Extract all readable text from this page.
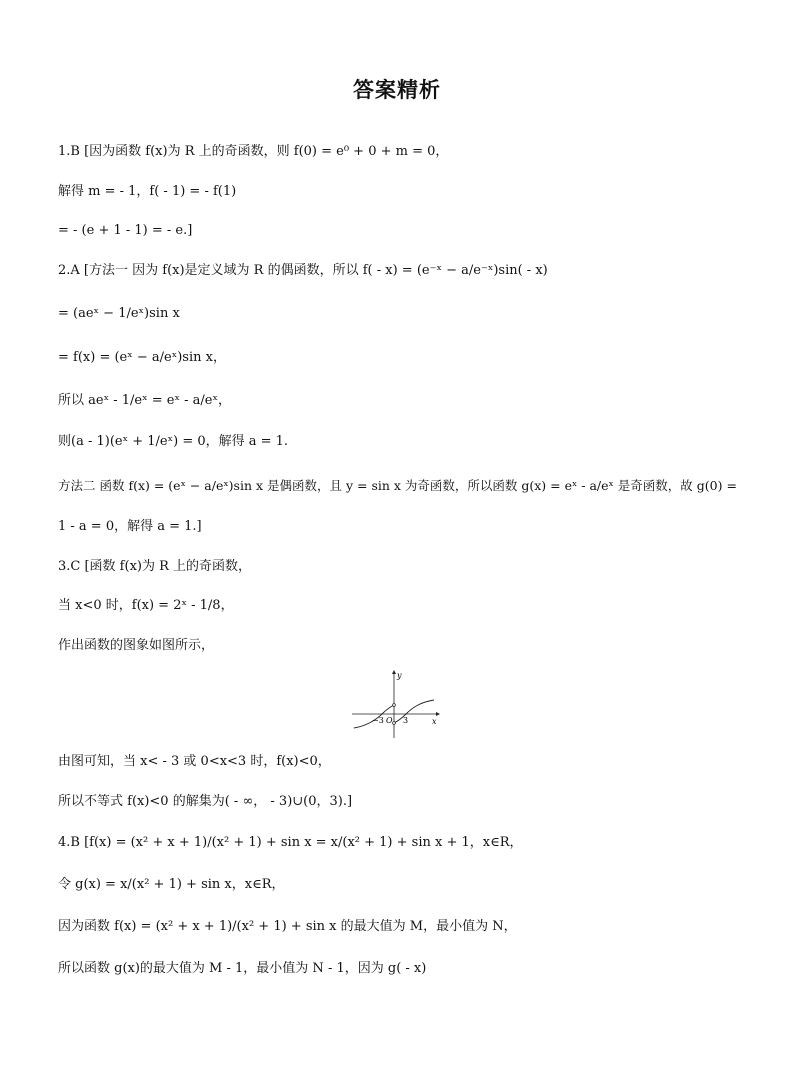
答案精析
1.B [因为函数 f(x)为 R 上的奇函数，则 f(0) = e⁰ + 0 + m = 0，
解得 m = - 1，f( - 1) = - f(1)
= - (e + 1 - 1) = - e.]
2.A [方法一 因为 f(x)是定义域为 R 的偶函数，所以 f( - x) = (e⁻ˣ − a/e⁻ˣ)sin( - x)
= (aeˣ − 1/eˣ)sin x
= f(x) = (eˣ − a/eˣ)sin x，
所以 aeˣ - 1/eˣ = eˣ - a/eˣ，
则(a - 1)(eˣ + 1/eˣ) = 0，解得 a = 1.
方法二 函数 f(x) = (eˣ − a/eˣ)sin x 是偶函数，且 y = sin x 为奇函数，所以函数 g(x) = eˣ - a/eˣ 是奇函数，故 g(0) =
1 - a = 0，解得 a = 1.]
3.C [函数 f(x)为 R 上的奇函数，
当 x<0 时，f(x) = 2ˣ - 1/8，
作出函数的图象如图所示，
y
x
O
−3 3
由图可知，当 x< - 3 或 0<x<3 时，f(x)<0，
所以不等式 f(x)<0 的解集为( - ∞， - 3)∪(0，3).]
4.B [f(x) = (x² + x + 1)/(x² + 1) + sin x = x/(x² + 1) + sin x + 1，x∈R，
令 g(x) = x/(x² + 1) + sin x，x∈R，
因为函数 f(x) = (x² + x + 1)/(x² + 1) + sin x 的最大值为 M，最小值为 N，
所以函数 g(x)的最大值为 M - 1，最小值为 N - 1，因为 g( - x)
